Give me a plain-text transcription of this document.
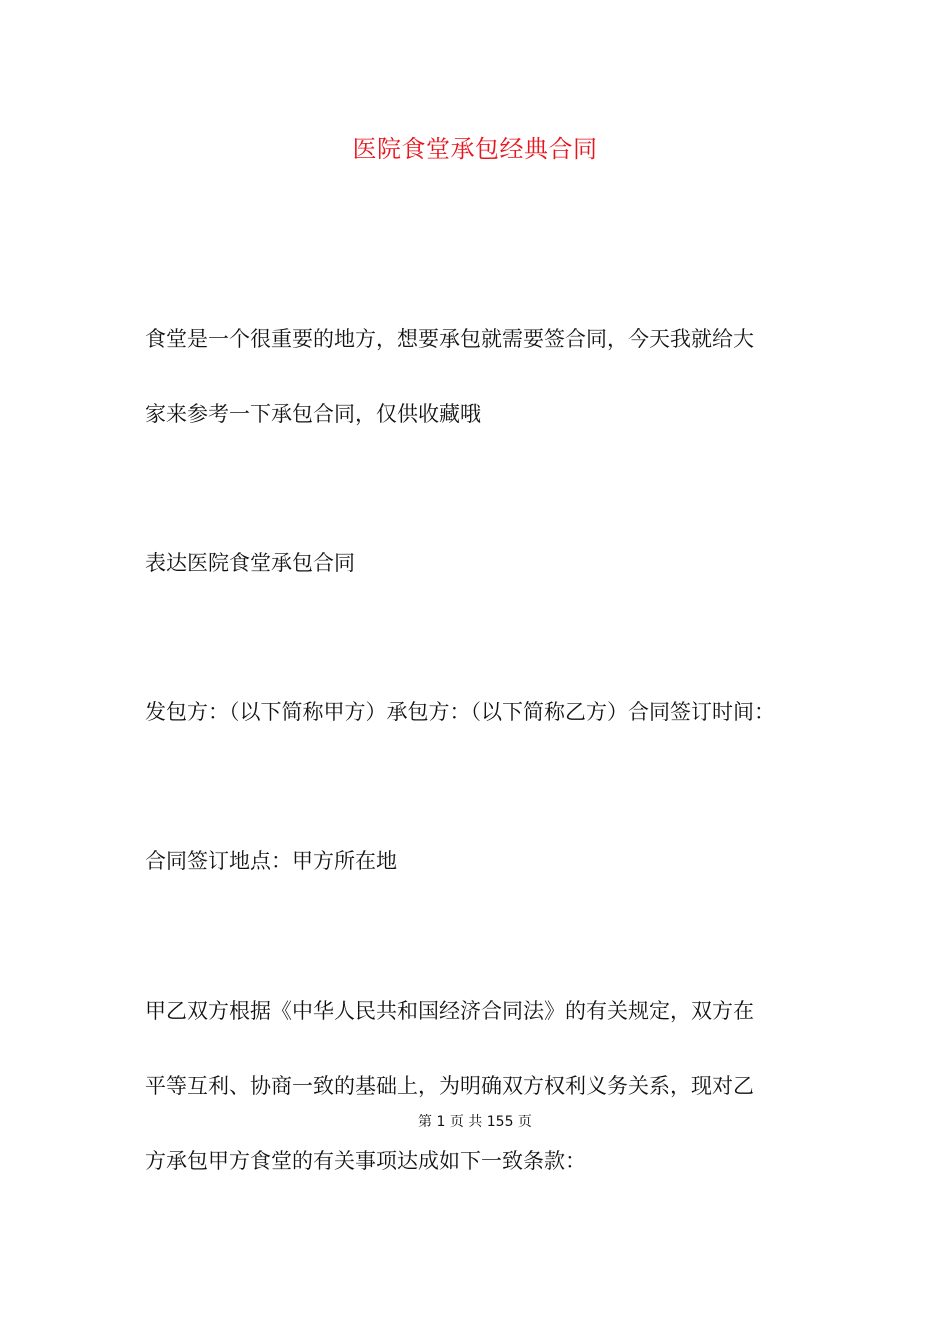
医院食堂承包经典合同
食堂是一个很重要的地方，想要承包就需要签合同，今天我就给大
家来参考一下承包合同，仅供收藏哦
表达医院食堂承包合同
发包方：（以下简称甲方）承包方：（以下简称乙方）合同签订时间：
合同签订地点：甲方所在地
甲乙双方根据《中华人民共和国经济合同法》的有关规定，双方在
平等互利、协商一致的基础上，为明确双方权利义务关系，现对乙
第 1 页 共 155 页
方承包甲方食堂的有关事项达成如下一致条款：
